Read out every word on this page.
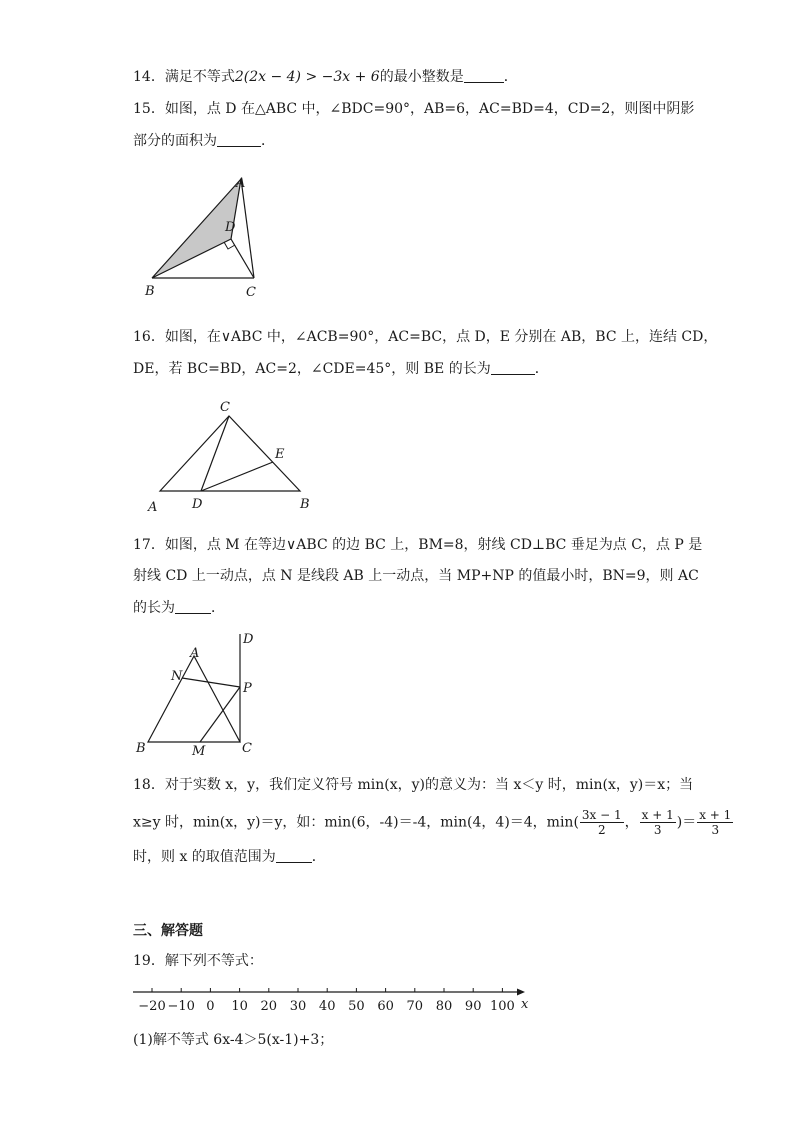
14．满足不等式2(2x − 4) > −3x + 6的最小整数是	．
15．如图，点 D 在△ABC 中，∠BDC=90°，AB=6，AC=BD=4，CD=2，则图中阴影
部分的面积为	．
A
D
B	C
16．如图，在∨ABC 中，∠ACB=90°，AC=BC，点 D，E 分别在 AB，BC 上，连结 CD，
DE，若 BC=BD，AC=2，∠CDE=45°，则 BE 的长为	．
C
E
A	D	B
17．如图，点 M 在等边∨ABC 的边 BC 上，BM=8，射线 CD⊥BC 垂足为点 C，点 P 是
射线 CD 上一动点，点 N 是线段 AB 上一动点，当 MP+NP 的值最小时，BN=9，则 AC
的长为	．
D
A
N
P
B	M	C
18．对于实数 x，y，我们定义符号 min(x，y)的意义为：当 x＜y 时，min(x，y)＝x；当
x≥y 时，min(x，y)＝y，如：min(6，-4)＝-4，min(4，4)＝4，$\min( \frac{3x - 1}{2}$ ， $\frac{x + 1}{3}$ )＝ $\frac{x + 1}{3}$
时，则 x 的取值范围为	．
三、解答题
19．解下列不等式：
−20 −10 0 10 20 30 40 50 60 70 80 90 100 x
(1)解不等式 6x-4＞5(x-1)+3；
